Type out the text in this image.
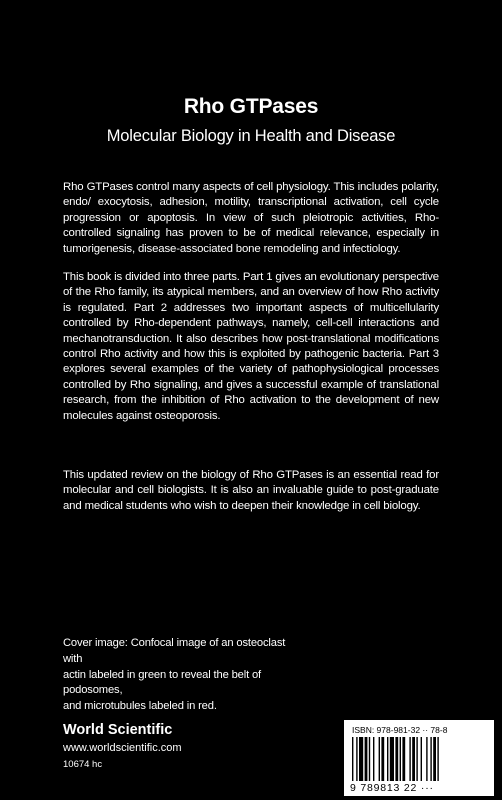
Rho GTPases
Molecular Biology in Health and Disease

Rho GTPases control many aspects of cell physiology. This includes polarity, endo/ exocytosis, adhesion, motility, transcriptional activation, cell cycle progression or apoptosis. In view of such pleiotropic activities, Rho-controlled signaling has proven to be of medical relevance, especially in tumorigenesis, disease-associated bone remodeling and infectiology.

This book is divided into three parts. Part 1 gives an evolutionary perspective of the Rho family, its atypical members, and an overview of how Rho activity is regulated. Part 2 addresses two important aspects of multicellularity controlled by Rho-dependent pathways, namely, cell-cell interactions and mechanotransduction. It also describes how post-translational modifications control Rho activity and how this is exploited by pathogenic bacteria. Part 3 explores several examples of the variety of pathophysiological processes controlled by Rho signaling, and gives a successful example of translational research, from the inhibition of Rho activation to the development of new molecules against osteoporosis.

This updated review on the biology of Rho GTPases is an essential read for molecular and cell biologists. It is also an invaluable guide to post-graduate and medical students who wish to deepen their knowledge in cell biology.

Cover image: Confocal image of an osteoclast with
actin labeled in green to reveal the belt of podosomes,
and microtubules labeled in red.
World Scientific
www.worldscientific.com
10674 hc
ISBN: 978-981-32 ·· 78-8
9 789813 22 ···
